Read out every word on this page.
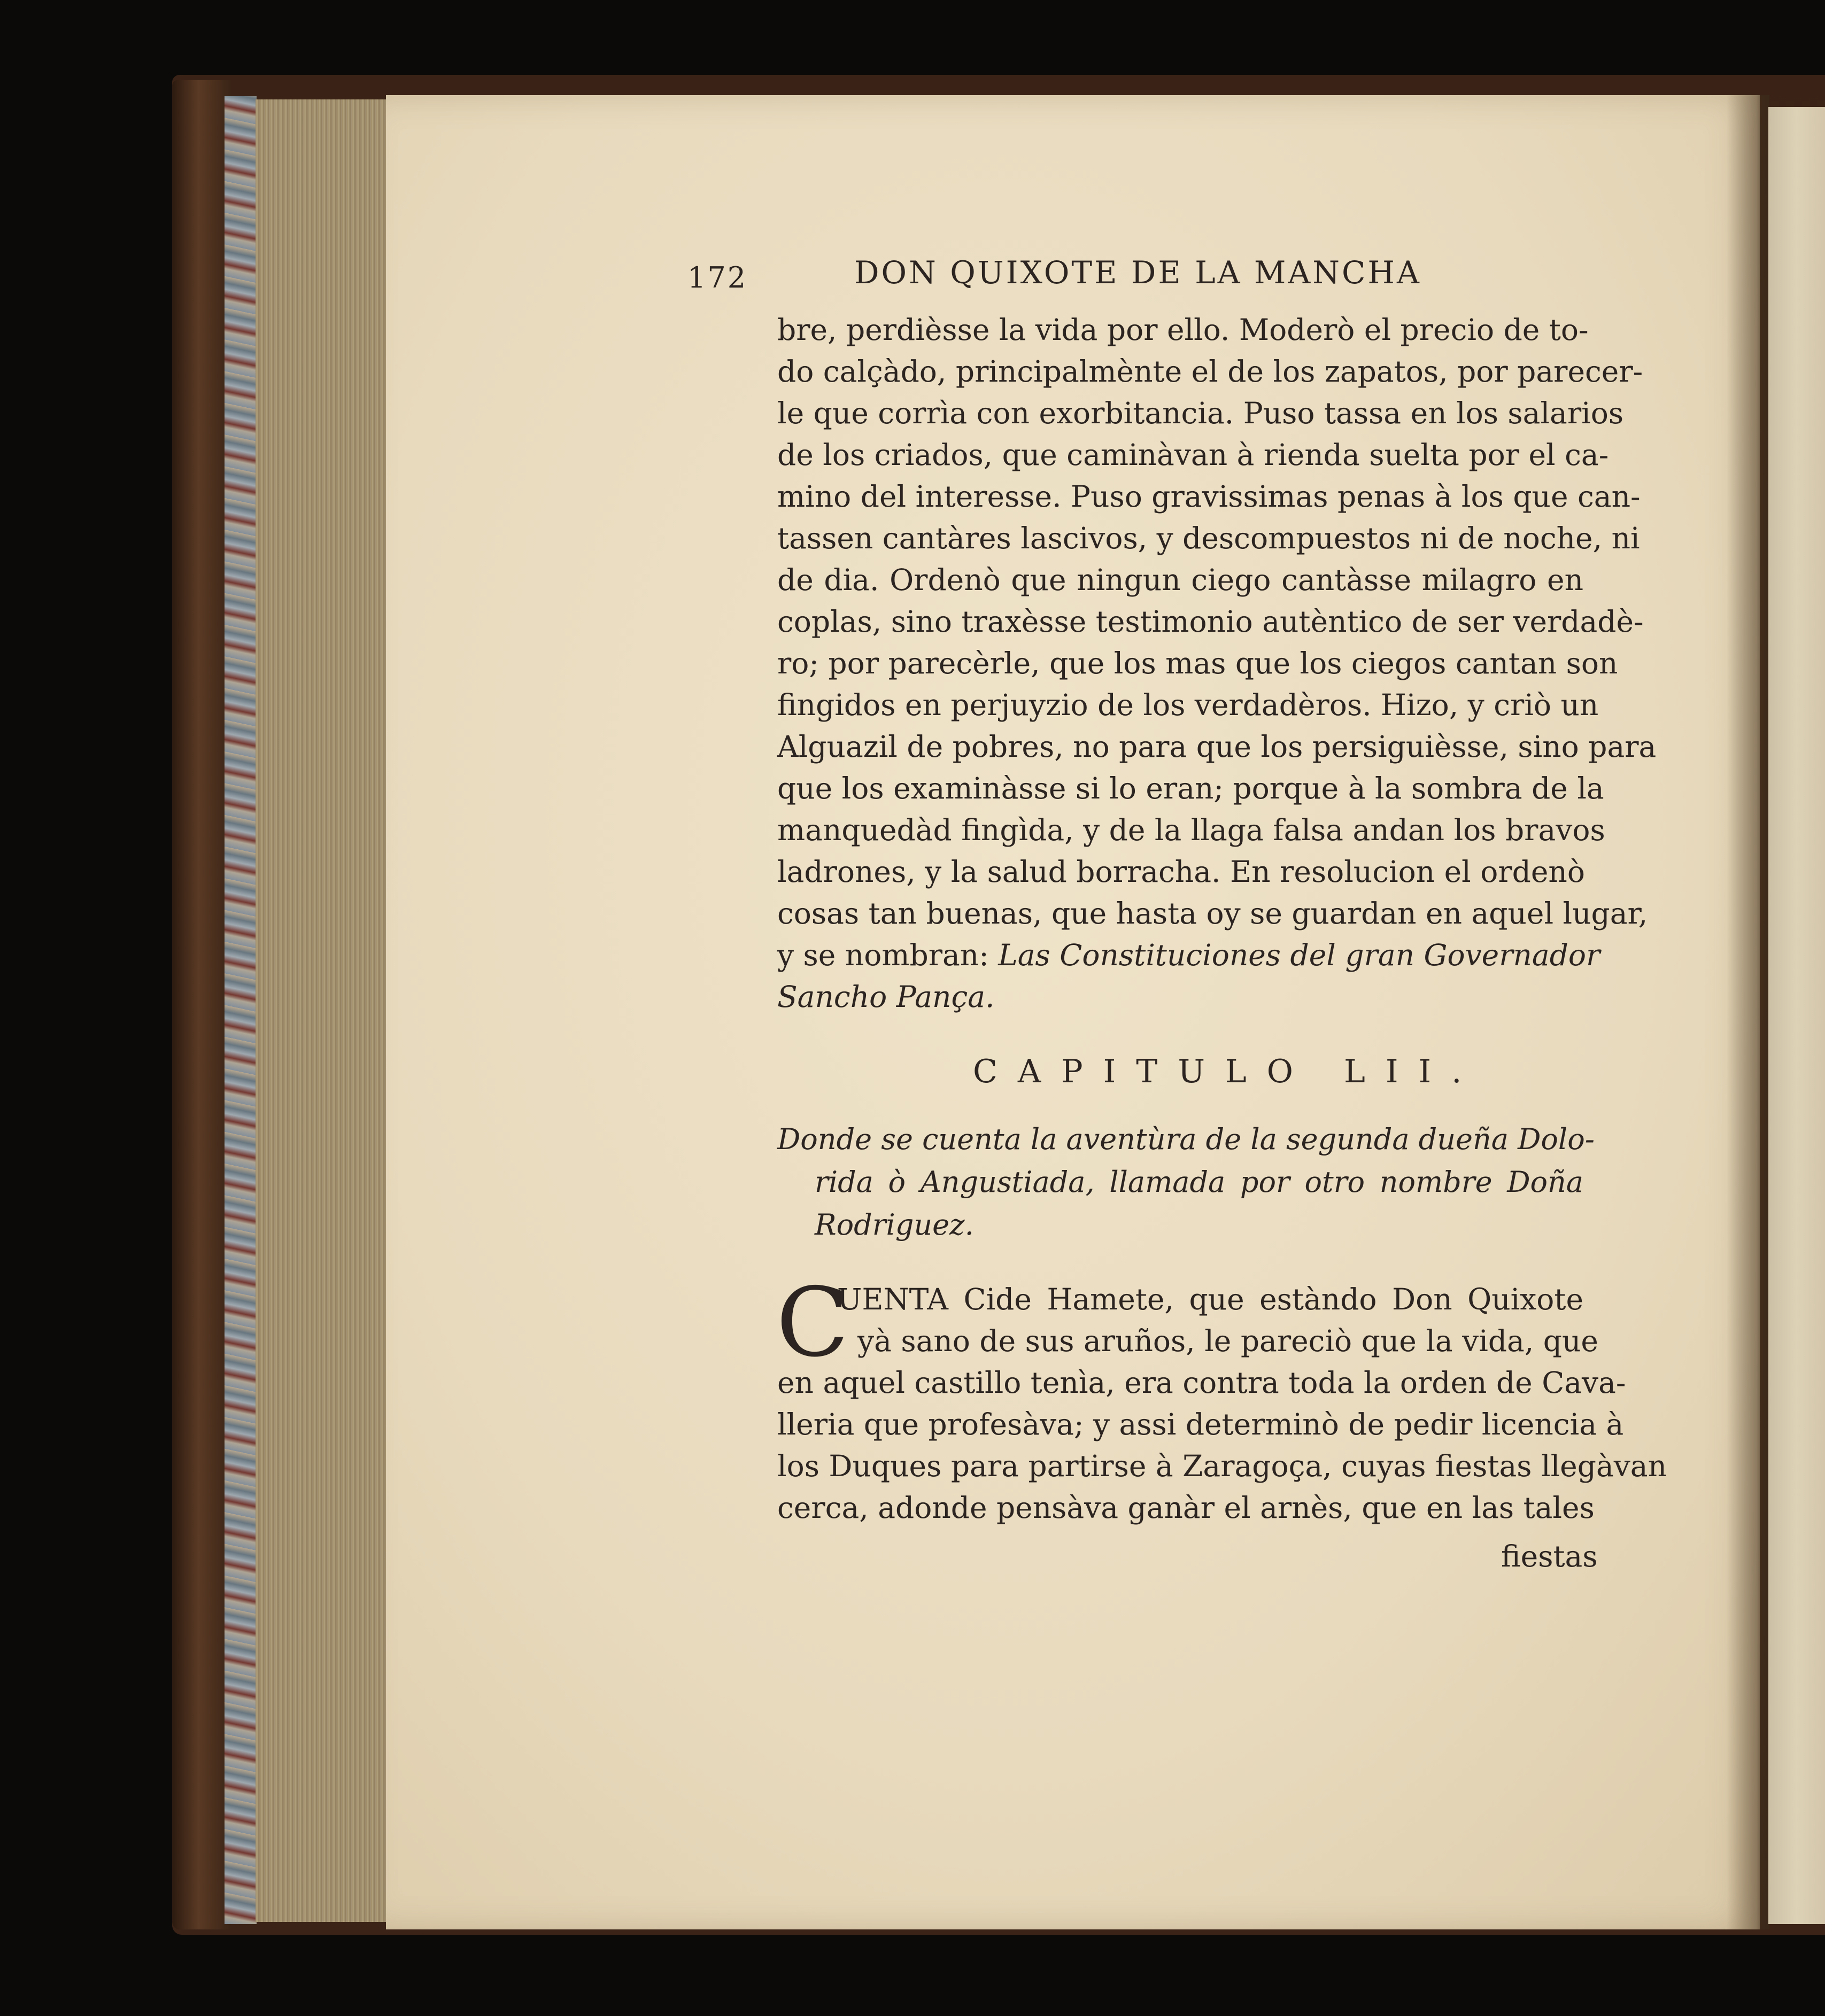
172	DON QUIXOTE DE LA MANCHA
bre, perdièsse la vida por ello. Moderò el precio de to-
do calçàdo, principalmènte el de los zapatos, por parecer-
le que corrìa con exorbitancia. Puso tassa en los salarios
de los criados, que caminàvan à rienda suelta por el ca-
mino del interesse. Puso gravissimas penas à los que can-
tassen cantàres lascivos, y descompuestos ni de noche, ni
de dia. Ordenò que ningun ciego cantàsse milagro en
coplas, sino traxèsse testimonio autèntico de ser verdadè-
ro; por parecèrle, que los mas que los ciegos cantan son
fingidos en perjuyzio de los verdadèros. Hizo, y criò un
Alguazil de pobres, no para que los persiguièsse, sino para
que los examinàsse si lo eran; porque à la sombra de la
manquedàd fingìda, y de la llaga falsa andan los bravos
ladrones, y la salud borracha. En resolucion el ordenò
cosas tan buenas, que hasta oy se guardan en aquel lugar,
y se nombran: Las Constituciones del gran Governador
Sancho Pança.
CAPITULO LII.
Donde se cuenta la aventùra de la segunda dueña Dolo-
rida ò Angustiada, llamada por otro nombre Doña
Rodriguez.
C
UENTA Cide Hamete, que estàndo Don Quixote
yà sano de sus aruños, le pareciò que la vida, que
en aquel castillo tenìa, era contra toda la orden de Cava-
lleria que profesàva; y assi determinò de pedir licencia à
los Duques para partirse à Zaragoça, cuyas fiestas llegàvan
cerca, adonde pensàva ganàr el arnès, que en las tales
fiestas
